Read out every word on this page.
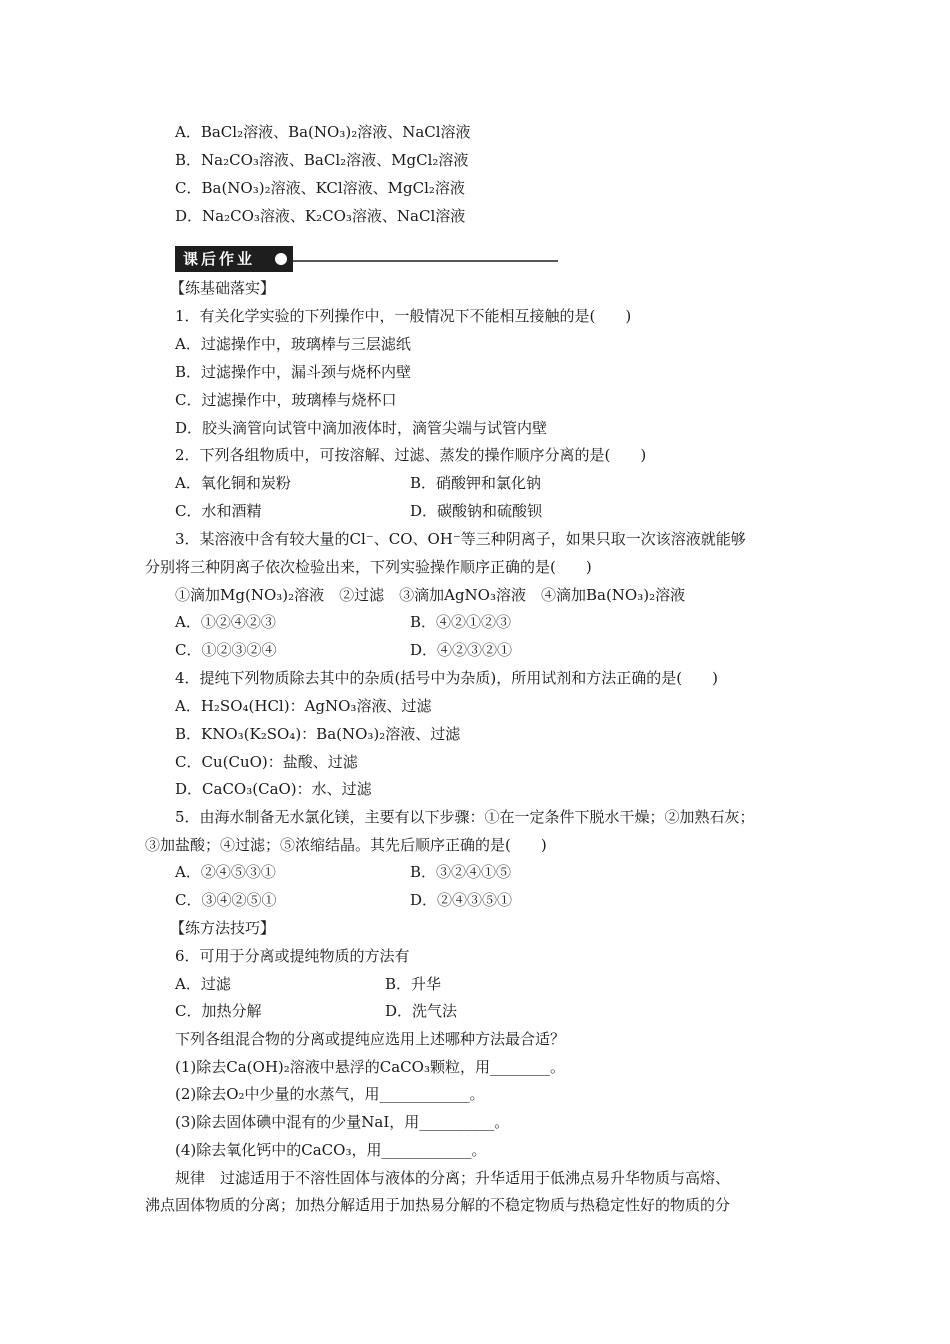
A．BaCl₂溶液、Ba(NO₃)₂溶液、NaCl溶液
B．Na₂CO₃溶液、BaCl₂溶液、MgCl₂溶液
C．Ba(NO₃)₂溶液、KCl溶液、MgCl₂溶液
D．Na₂CO₃溶液、K₂CO₃溶液、NaCl溶液
课后作业
【练基础落实】
1．有关化学实验的下列操作中，一般情况下不能相互接触的是(　　)
A．过滤操作中，玻璃棒与三层滤纸
B．过滤操作中，漏斗颈与烧杯内壁
C．过滤操作中，玻璃棒与烧杯口
D．胶头滴管向试管中滴加液体时，滴管尖端与试管内壁
2．下列各组物质中，可按溶解、过滤、蒸发的操作顺序分离的是(　　)
A．氧化铜和炭粉	B．硝酸钾和氯化钠
C．水和酒精	D．碳酸钠和硫酸钡
3．某溶液中含有较大量的Cl⁻、CO、OH⁻等三种阴离子，如果只取一次该溶液就能够
分别将三种阴离子依次检验出来，下列实验操作顺序正确的是(　　)
①滴加Mg(NO₃)₂溶液　②过滤　③滴加AgNO₃溶液　④滴加Ba(NO₃)₂溶液
A．①②④②③	B．④②①②③
C．①②③②④	D．④②③②①
4．提纯下列物质除去其中的杂质(括号中为杂质)，所用试剂和方法正确的是(　　)
A．H₂SO₄(HCl)：AgNO₃溶液、过滤
B．KNO₃(K₂SO₄)：Ba(NO₃)₂溶液、过滤
C．Cu(CuO)：盐酸、过滤
D．CaCO₃(CaO)：水、过滤
5．由海水制备无水氯化镁，主要有以下步骤：①在一定条件下脱水干燥；②加熟石灰；
③加盐酸；④过滤；⑤浓缩结晶。其先后顺序正确的是(　　)
A．②④⑤③①	B．③②④①⑤
C．③④②⑤①	D．②④③⑤①
【练方法技巧】
6．可用于分离或提纯物质的方法有
A．过滤	B．升华
C．加热分解	D．洗气法
下列各组混合物的分离或提纯应选用上述哪种方法最合适？
(1)除去Ca(OH)₂溶液中悬浮的CaCO₃颗粒，用________。
(2)除去O₂中少量的水蒸气，用____________。
(3)除去固体碘中混有的少量NaI，用__________。
(4)除去氧化钙中的CaCO₃，用____________。
规律　过滤适用于不溶性固体与液体的分离；升华适用于低沸点易升华物质与高熔、
沸点固体物质的分离；加热分解适用于加热易分解的不稳定物质与热稳定性好的物质的分
